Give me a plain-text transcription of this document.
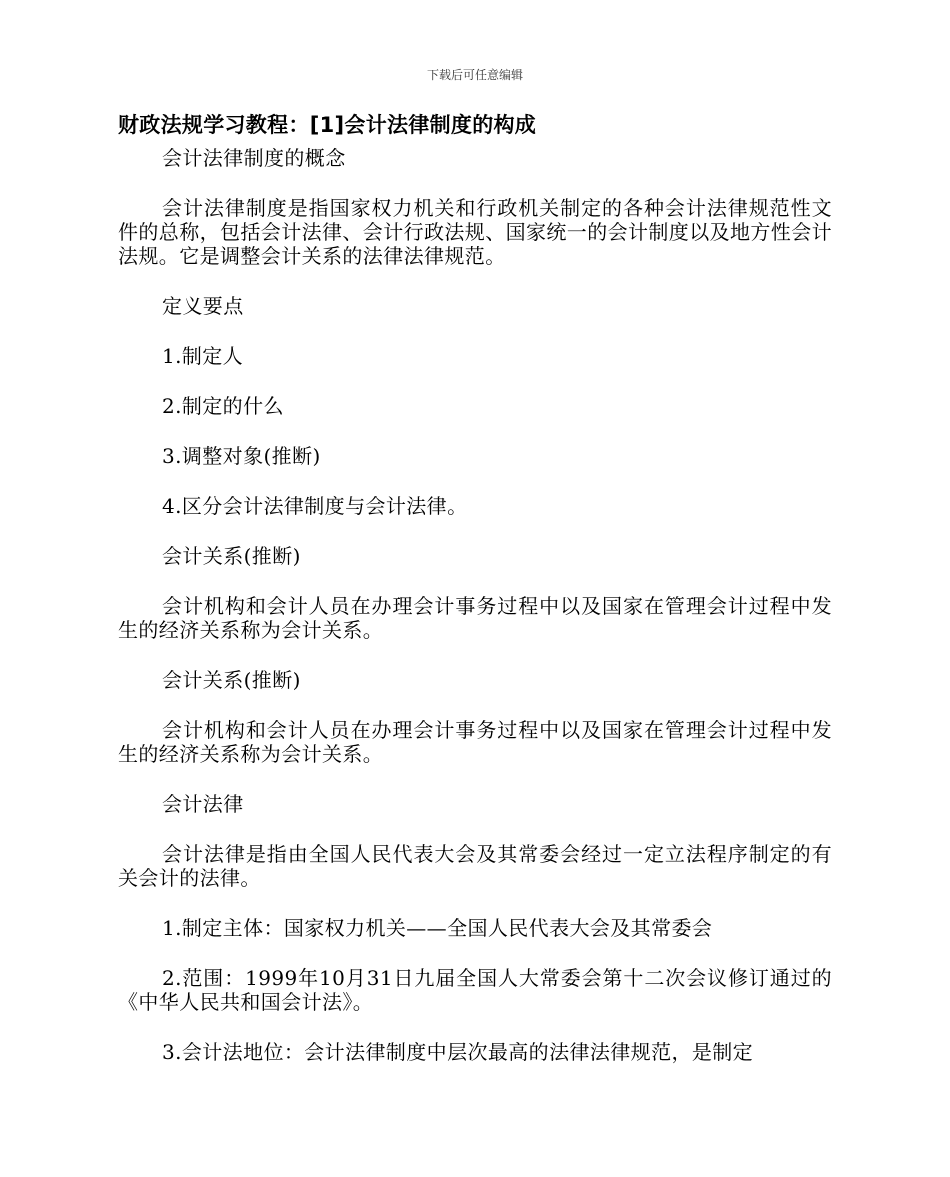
下载后可任意编辑
财政法规学习教程：[1]会计法律制度的构成

会计法律制度的概念

会计法律制度是指国家权力机关和行政机关制定的各种会计法律规范性文件的总称，包括会计法律、会计行政法规、国家统一的会计制度以及地方性会计法规。它是调整会计关系的法律法律规范。

定义要点

1.制定人

2.制定的什么

3.调整对象(推断)

4.区分会计法律制度与会计法律。

会计关系(推断)

会计机构和会计人员在办理会计事务过程中以及国家在管理会计过程中发生的经济关系称为会计关系。

会计关系(推断)

会计机构和会计人员在办理会计事务过程中以及国家在管理会计过程中发生的经济关系称为会计关系。

会计法律

会计法律是指由全国人民代表大会及其常委会经过一定立法程序制定的有关会计的法律。

1.制定主体：国家权力机关——全国人民代表大会及其常委会

2.范围：1999年10月31日九届全国人大常委会第十二次会议修订通过的《中华人民共和国会计法》。

3.会计法地位：会计法律制度中层次最高的法律法律规范，是制定
